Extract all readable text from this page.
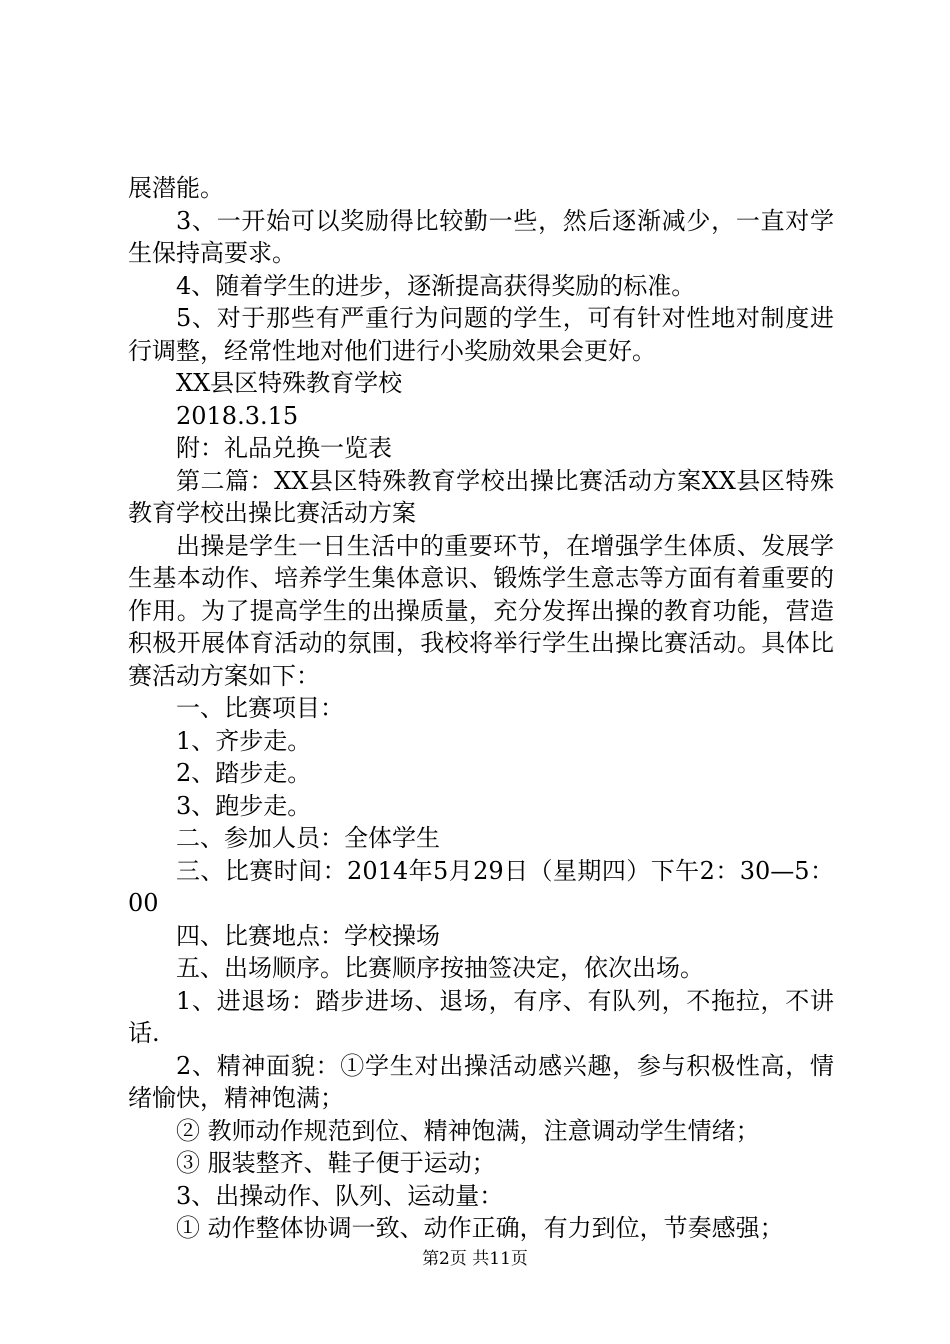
展潜能。

3、一开始可以奖励得比较勤一些，然后逐渐减少，一直对学生保持高要求。

4、随着学生的进步，逐渐提高获得奖励的标准。

5、对于那些有严重行为问题的学生，可有针对性地对制度进行调整，经常性地对他们进行小奖励效果会更好。

XX县区特殊教育学校

2018.3.15

附：礼品兑换一览表

第二篇：XX县区特殊教育学校出操比赛活动方案XX县区特殊教育学校出操比赛活动方案

出操是学生一日生活中的重要环节，在增强学生体质、发展学生基本动作、培养学生集体意识、锻炼学生意志等方面有着重要的作用。为了提高学生的出操质量，充分发挥出操的教育功能，营造积极开展体育活动的氛围，我校将举行学生出操比赛活动。具体比赛活动方案如下：

一、比赛项目：

1、齐步走。

2、踏步走。

3、跑步走。

二、参加人员：全体学生

三、比赛时间：2014年5月29日（星期四）下午2：30—5：00

四、比赛地点：学校操场

五、出场顺序。比赛顺序按抽签决定，依次出场。

1、进退场：踏步进场、退场，有序、有队列，不拖拉，不讲话.

2、精神面貌：①学生对出操活动感兴趣，参与积极性高，情绪愉快，精神饱满；

② 教师动作规范到位、精神饱满，注意调动学生情绪；

③ 服装整齐、鞋子便于运动；

3、出操动作、队列、运动量：

① 动作整体协调一致、动作正确，有力到位，节奏感强；

第2页 共11页
